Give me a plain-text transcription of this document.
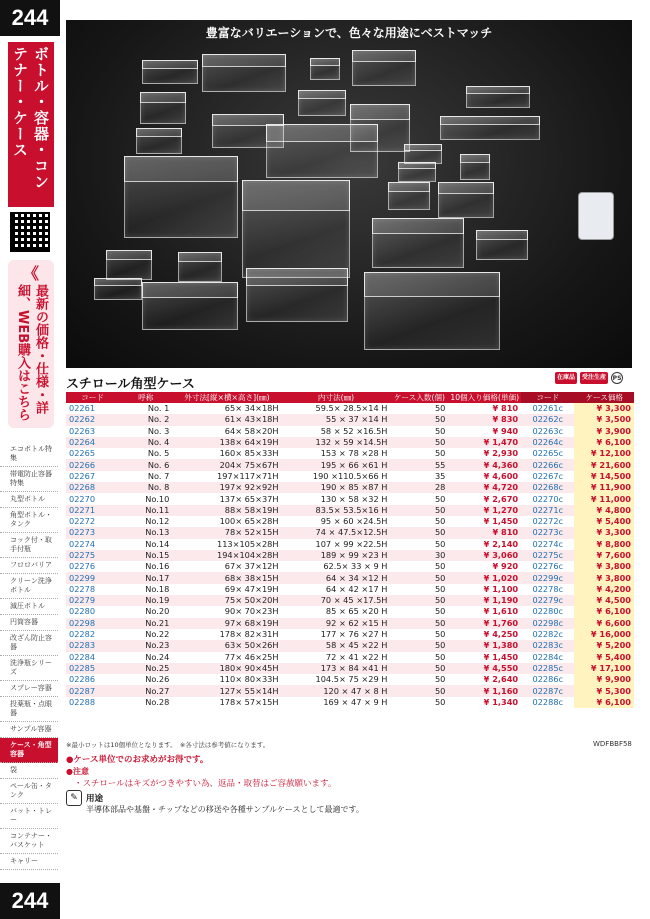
244
ボトル・容器・コンテナー・ケース
《
最新の価格・仕様・詳細、WEB購入はこちら
エコボトル特集
帯電防止容器特集
丸型ボトル
角型ボトル・タンク
コック付・取手付瓶
フロロバリア
クリーン洗浄ボトル
減圧ボトル
円筒容器
改ざん防止容器
洗浄瓶シリーズ
スプレー容器
投薬瓶・点眼器
サンプル容器
ケース・角型容器
袋
ペール缶・タンク
バット・トレー
コンテナー・バスケット
キャリー
244
豊富なバリエーションで、色々な用途にベストマッチ
スチロール角型ケース	在庫品	受注生産	PS
コード	呼称	外寸法[縦×横×高さ](㎜)	内寸法(㎜)	ケース入数(個)	10個入り価格(単価)	コード	ケース価格
02261	No. 1	65× 34×18H	59.5× 28.5×14 H	50	¥ 810	02261c	¥ 3,300
02262	No. 2	61× 43×18H	55 × 37 ×14 H	50	¥ 830	02262c	¥ 3,500
02263	No. 3	64× 58×20H	58 × 52 ×16.5H	50	¥ 940	02263c	¥ 3,900
02264	No. 4	138× 64×19H	132 × 59 ×14.5H	50	¥ 1,470	02264c	¥ 6,100
02265	No. 5	160× 85×33H	153 × 78 ×28 H	50	¥ 2,930	02265c	¥ 12,100
02266	No. 6	204× 75×67H	195 × 66 ×61 H	55	¥ 4,360	02266c	¥ 21,600
02267	No. 7	197×117×71H	190 ×110.5×66 H	35	¥ 4,600	02267c	¥ 14,500
02268	No. 8	197× 92×92H	190 × 85 ×87 H	28	¥ 4,720	02268c	¥ 11,900
02270	No.10	137× 65×37H	130 × 58 ×32 H	50	¥ 2,670	02270c	¥ 11,000
02271	No.11	88× 58×19H	83.5× 53.5×16 H	50	¥ 1,270	02271c	¥ 4,800
02272	No.12	100× 65×28H	95 × 60 ×24.5H	50	¥ 1,450	02272c	¥ 5,400
02273	No.13	78× 52×15H	74 × 47.5×12.5H	50	¥ 810	02273c	¥ 3,300
02274	No.14	113×105×28H	107 × 99 ×22.5H	50	¥ 2,140	02274c	¥ 8,800
02275	No.15	194×104×28H	189 × 99 ×23 H	30	¥ 3,060	02275c	¥ 7,600
02276	No.16	67× 37×12H	62.5× 33 × 9 H	50	¥ 920	02276c	¥ 3,800
02299	No.17	68× 38×15H	64 × 34 ×12 H	50	¥ 1,020	02299c	¥ 3,800
02278	No.18	69× 47×19H	64 × 42 ×17 H	50	¥ 1,100	02278c	¥ 4,200
02279	No.19	75× 50×20H	70 × 45 ×17.5H	50	¥ 1,190	02279c	¥ 4,500
02280	No.20	90× 70×23H	85 × 65 ×20 H	50	¥ 1,610	02280c	¥ 6,100
02298	No.21	97× 68×19H	92 × 62 ×15 H	50	¥ 1,760	02298c	¥ 6,600
02282	No.22	178× 82×31H	177 × 76 ×27 H	50	¥ 4,250	02282c	¥ 16,000
02283	No.23	63× 50×26H	58 × 45 ×22 H	50	¥ 1,380	02283c	¥ 5,200
02284	No.24	77× 46×25H	72 × 41 ×22 H	50	¥ 1,450	02284c	¥ 5,400
02285	No.25	180× 90×45H	173 × 84 ×41 H	50	¥ 4,550	02285c	¥ 17,100
02286	No.26	110× 80×33H	104.5× 75 ×29 H	50	¥ 2,640	02286c	¥ 9,900
02287	No.27	127× 55×14H	120 × 47 × 8 H	50	¥ 1,160	02287c	¥ 5,300
02288	No.28	178× 57×15H	169 × 47 × 9 H	50	¥ 1,340	02288c	¥ 6,100
※最小ロットは10個単位となります。　※各寸法は参考値になります。	WDFBBF58
●ケース単位でのお求めがお得です。
●注意
・スチロールはキズがつきやすい為、返品・取替はご容赦願います。
✎ 用途
半導体部品や基盤・チップなどの移送や各種サンプルケースとして最適です。
